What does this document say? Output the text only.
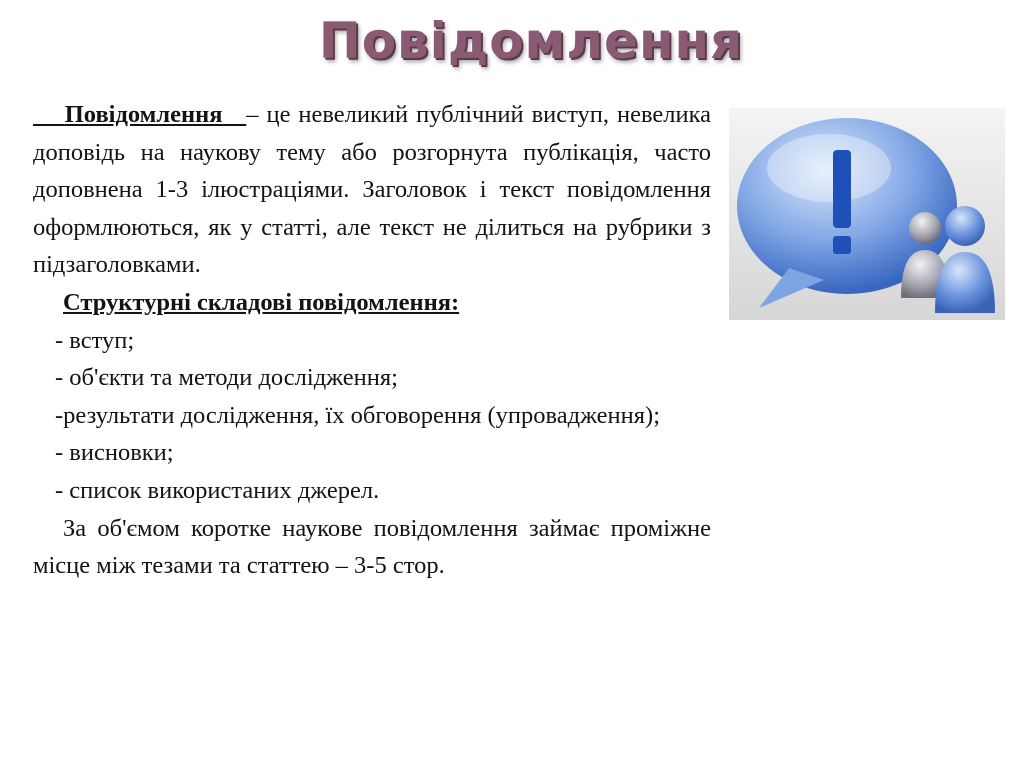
Повідомлення

Повідомлення – це невеликий публічний виступ, невелика доповідь на наукову тему або розгорнута публікація, часто доповнена 1-3 ілюстраціями. Заголовок і текст повідомлення оформлюються, як у статті, але текст не ділиться на рубрики з підзаголовками.

Структурні складові повідомлення:

- вступ;

- об'єкти та методи дослідження;

-результати дослідження, їх обговорення (упровадження);

- висновки;

- список використаних джерел.

За об'ємом коротке наукове повідомлення займає проміжне місце між тезами та статтею – 3-5 стор.
